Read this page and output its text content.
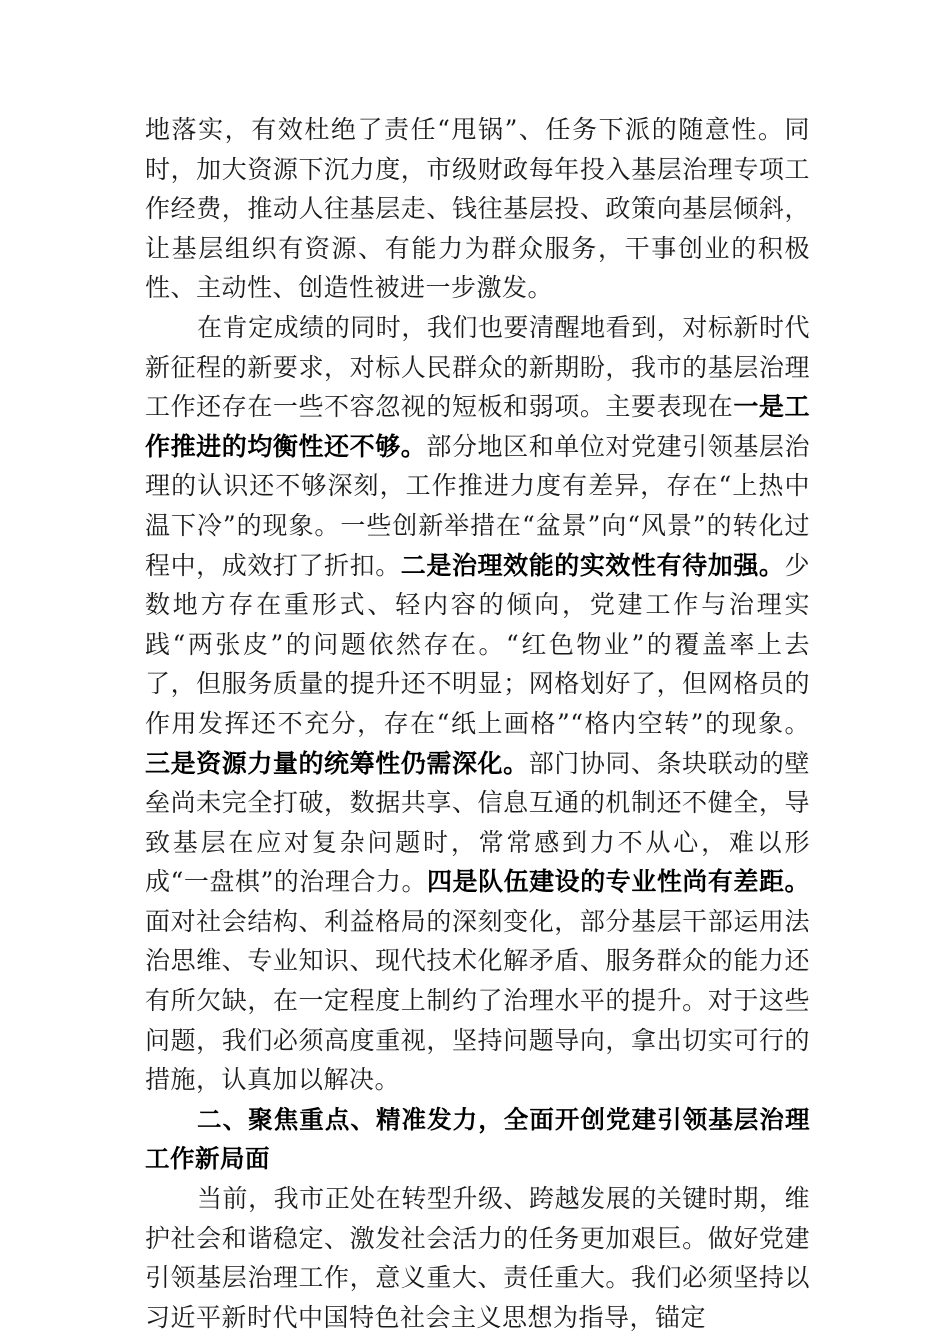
地落实，有效杜绝了责任“甩锅”、任务下派的随意性。同时，加大资源下沉力度，市级财政每年投入基层治理专项工作经费，推动人往基层走、钱往基层投、政策向基层倾斜，让基层组织有资源、有能力为群众服务，干事创业的积极性、主动性、创造性被进一步激发。

在肯定成绩的同时，我们也要清醒地看到，对标新时代新征程的新要求，对标人民群众的新期盼，我市的基层治理工作还存在一些不容忽视的短板和弱项。主要表现在一是工作推进的均衡性还不够。部分地区和单位对党建引领基层治理的认识还不够深刻，工作推进力度有差异，存在“上热中温下冷”的现象。一些创新举措在“盆景”向“风景”的转化过程中，成效打了折扣。二是治理效能的实效性有待加强。少数地方存在重形式、轻内容的倾向，党建工作与治理实践“两张皮”的问题依然存在。“红色物业”的覆盖率上去了，但服务质量的提升还不明显；网格划好了，但网格员的作用发挥还不充分，存在“纸上画格”“格内空转”的现象。三是资源力量的统筹性仍需深化。部门协同、条块联动的壁垒尚未完全打破，数据共享、信息互通的机制还不健全，导致基层在应对复杂问题时，常常感到力不从心，难以形成“一盘棋”的治理合力。四是队伍建设的专业性尚有差距。面对社会结构、利益格局的深刻变化，部分基层干部运用法治思维、专业知识、现代技术化解矛盾、服务群众的能力还有所欠缺，在一定程度上制约了治理水平的提升。对于这些问题，我们必须高度重视，坚持问题导向，拿出切实可行的措施，认真加以解决。

二、聚焦重点、精准发力，全面开创党建引领基层治理工作新局面

当前，我市正处在转型升级、跨越发展的关键时期，维护社会和谐稳定、激发社会活力的任务更加艰巨。做好党建引领基层治理工作，意义重大、责任重大。我们必须坚持以习近平新时代中国特色社会主义思想为指导，锚定
